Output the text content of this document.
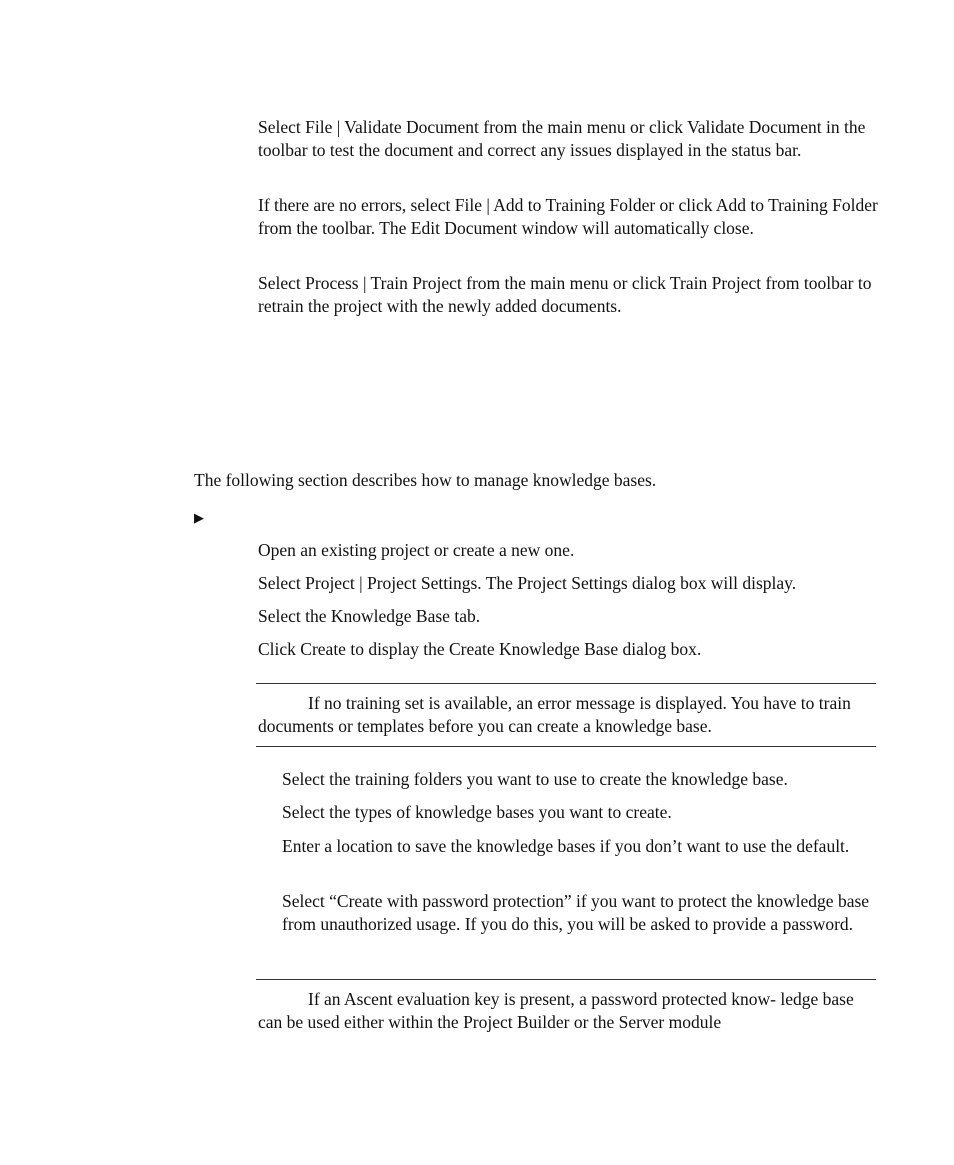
Select File | Validate Document from the main menu or click Validate Document in the toolbar to test the document and correct any issues displayed in the status bar.

If there are no errors, select File | Add to Training Folder or click Add to Training Folder from the toolbar. The Edit Document window will automatically close.

Select Process | Train Project from the main menu or click Train Project from toolbar to retrain the project with the newly added documents.

The following section describes how to manage knowledge bases.

▶

Open an existing project or create a new one.

Select Project | Project Settings. The Project Settings dialog box will display.

Select the Knowledge Base tab.

Click Create to display the Create Knowledge Base dialog box.

If no training set is available, an error message is displayed. You have to train documents or templates before you can create a knowledge base.

Select the training folders you want to use to create the knowledge base.

Select the types of knowledge bases you want to create.

Enter a location to save the knowledge bases if you don’t want to use the default.

Select “Create with password protection” if you want to protect the knowledge base from unauthorized usage. If you do this, you will be asked to provide a password.

If an Ascent evaluation key is present, a password protected know- ledge base can be used either within the Project Builder or the Server module
